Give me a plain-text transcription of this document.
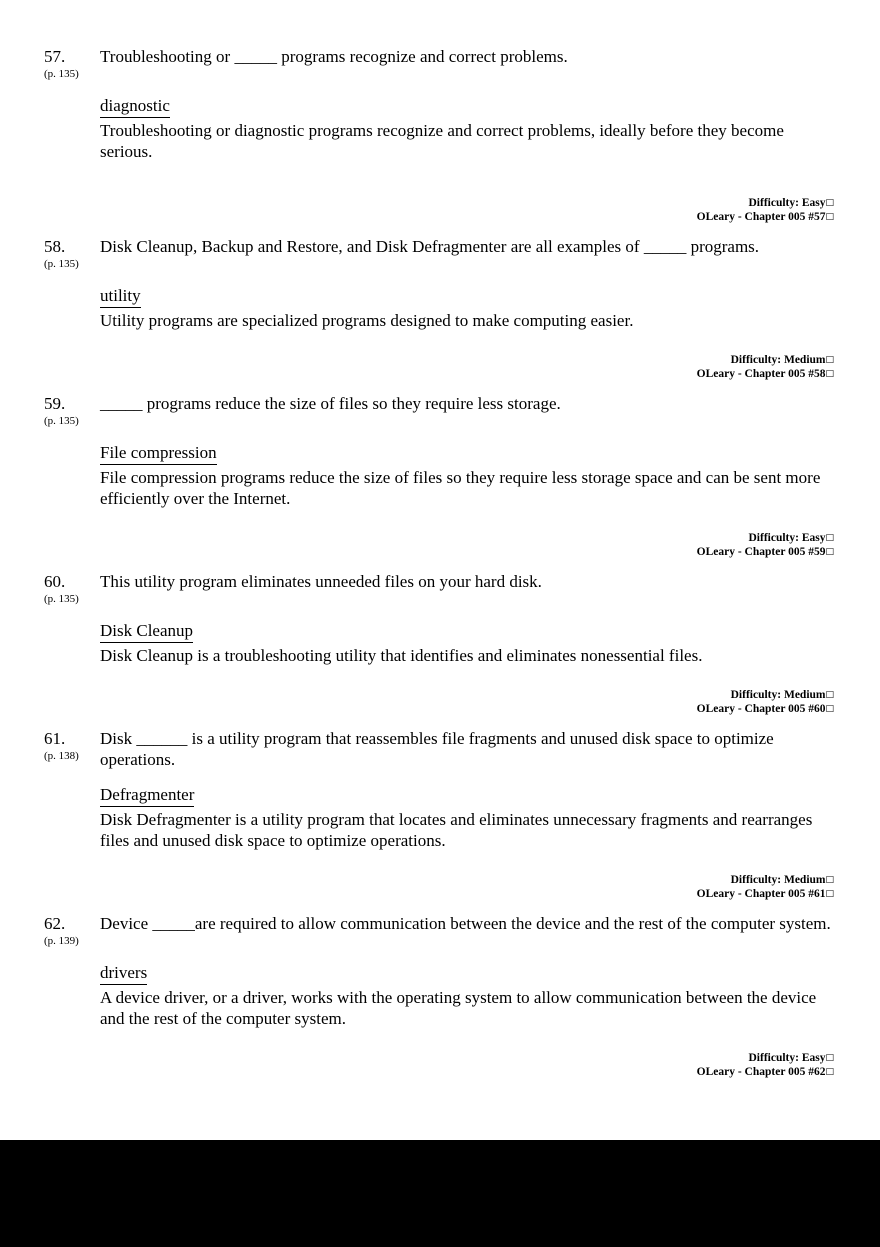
57.
(p. 135)
Troubleshooting or _____ programs recognize and correct problems.
diagnostic
Troubleshooting or diagnostic programs recognize and correct problems, ideally before they become serious.
Difficulty: Easy□
OLeary - Chapter 005 #57□
58.
(p. 135)
Disk Cleanup, Backup and Restore, and Disk Defragmenter are all examples of _____ programs.
utility
Utility programs are specialized programs designed to make computing easier.
Difficulty: Medium□
OLeary - Chapter 005 #58□
59.
(p. 135)
_____ programs reduce the size of files so they require less storage.
File compression
File compression programs reduce the size of files so they require less storage space and can be sent more efficiently over the Internet.
Difficulty: Easy□
OLeary - Chapter 005 #59□
60.
(p. 135)
This utility program eliminates unneeded files on your hard disk.
Disk Cleanup
Disk Cleanup is a troubleshooting utility that identifies and eliminates nonessential files.
Difficulty: Medium□
OLeary - Chapter 005 #60□
61.
(p. 138)
Disk ______ is a utility program that reassembles file fragments and unused disk space to optimize operations.
Defragmenter
Disk Defragmenter is a utility program that locates and eliminates unnecessary fragments and rearranges files and unused disk space to optimize operations.
Difficulty: Medium□
OLeary - Chapter 005 #61□
62.
(p. 139)
Device _____are required to allow communication between the device and the rest of the computer system.
drivers
A device driver, or a driver, works with the operating system to allow communication between the device and the rest of the computer system.
Difficulty: Easy□
OLeary - Chapter 005 #62□
